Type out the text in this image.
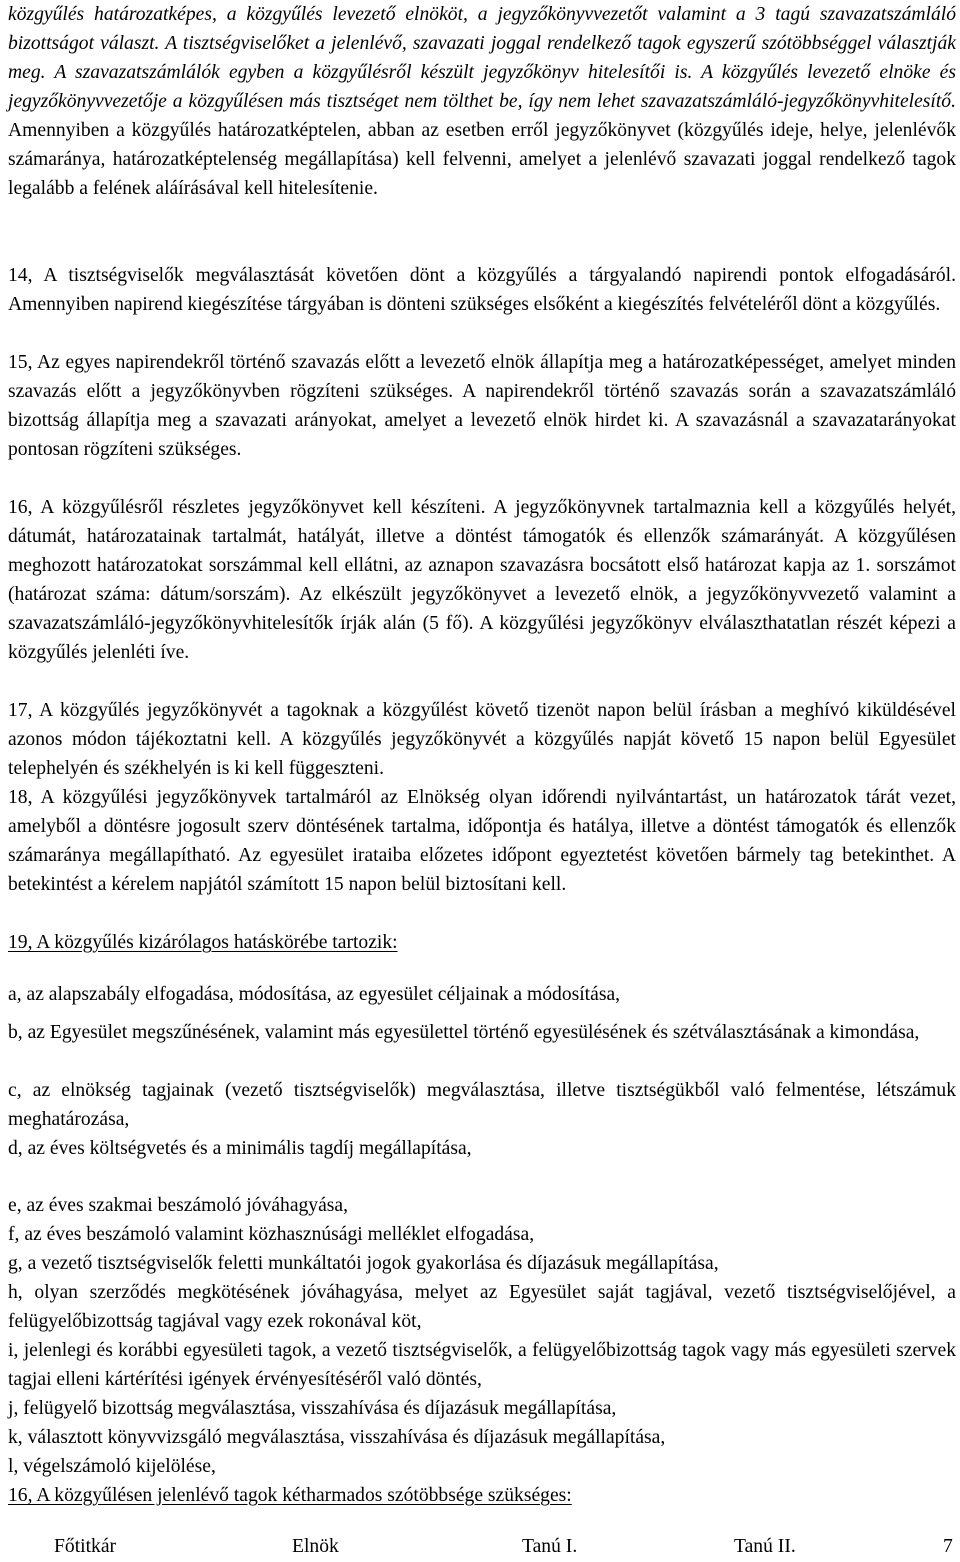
közgyűlés határozatképes, a közgyűlés levezető elnököt, a jegyzőkönyvvezetőt valamint a 3 tagú szavazatszámláló bizottságot választ. A tisztségviselőket a jelenlévő, szavazati joggal rendelkező tagok egyszerű szótöbbséggel választják meg. A szavazatszámlálók egyben a közgyűlésről készült jegyzőkönyv hitelesítői is. A közgyűlés levezető elnöke és jegyzőkönyvvezetője a közgyűlésen más tisztséget nem tölthet be, így nem lehet szavazatszámláló-jegyzőkönyvhitelesítő. Amennyiben a közgyűlés határozatképtelen, abban az esetben erről jegyzőkönyvet (közgyűlés ideje, helye, jelenlévők számaránya, határozatképtelenség megállapítása) kell felvenni, amelyet a jelenlévő szavazati joggal rendelkező tagok legalább a felének aláírásával kell hitelesítenie.

14, A tisztségviselők megválasztását követően dönt a közgyűlés a tárgyalandó napirendi pontok elfogadásáról. Amennyiben napirend kiegészítése tárgyában is dönteni szükséges elsőként a kiegészítés felvételéről dönt a közgyűlés.

15, Az egyes napirendekről történő szavazás előtt a levezető elnök állapítja meg a határozatképességet, amelyet minden szavazás előtt a jegyzőkönyvben rögzíteni szükséges. A napirendekről történő szavazás során a szavazatszámláló bizottság állapítja meg a szavazati arányokat, amelyet a levezető elnök hirdet ki. A szavazásnál a szavazatarányokat pontosan rögzíteni szükséges.

16, A közgyűlésről részletes jegyzőkönyvet kell készíteni. A jegyzőkönyvnek tartalmaznia kell a közgyűlés helyét, dátumát, határozatainak tartalmát, hatályát, illetve a döntést támogatók és ellenzők számarányát. A közgyűlésen meghozott határozatokat sorszámmal kell ellátni, az aznapon szavazásra bocsátott első határozat kapja az 1. sorszámot (határozat száma: dátum/sorszám). Az elkészült jegyzőkönyvet a levezető elnök, a jegyzőkönyvvezető valamint a szavazatszámláló-jegyzőkönyvhitelesítők írják alán (5 fő). A közgyűlési jegyzőkönyv elválaszthatatlan részét képezi a közgyűlés jelenléti íve.

17, A közgyűlés jegyzőkönyvét a tagoknak a közgyűlést követő tizenöt napon belül írásban a meghívó kiküldésével azonos módon tájékoztatni kell. A közgyűlés jegyzőkönyvét a közgyűlés napját követő 15 napon belül Egyesület telephelyén és székhelyén is ki kell függeszteni.

18, A közgyűlési jegyzőkönyvek tartalmáról az Elnökség olyan időrendi nyilvántartást, un határozatok tárát vezet, amelyből a döntésre jogosult szerv döntésének tartalma, időpontja és hatálya, illetve a döntést támogatók és ellenzők számaránya megállapítható. Az egyesület irataiba előzetes időpont egyeztetést követően bármely tag betekinthet. A betekintést a kérelem napjától számított 15 napon belül biztosítani kell.

19, A közgyűlés kizárólagos hatáskörébe tartozik:

a, az alapszabály elfogadása, módosítása, az egyesület céljainak a módosítása,

b, az Egyesület megszűnésének, valamint más egyesülettel történő egyesülésének és szétválasztásának a kimondása,

c, az elnökség tagjainak (vezető tisztségviselők) megválasztása, illetve tisztségükből való felmentése, létszámuk meghatározása,

d, az éves költségvetés és a minimális tagdíj megállapítása,

e, az éves szakmai beszámoló jóváhagyása,

f, az éves beszámoló valamint közhasznúsági melléklet elfogadása,

g, a vezető tisztségviselők feletti munkáltatói jogok gyakorlása és díjazásuk megállapítása,

h, olyan szerződés megkötésének jóváhagyása, melyet az Egyesület saját tagjával, vezető tisztségviselőjével, a felügyelőbizottság tagjával vagy ezek rokonával köt,

i, jelenlegi és korábbi egyesületi tagok, a vezető tisztségviselők, a felügyelőbizottság tagok vagy más egyesületi szervek tagjai elleni kártérítési igények érvényesítéséről való döntés,

j, felügyelő bizottság megválasztása, visszahívása és díjazásuk megállapítása,

k, választott könyvvizsgáló megválasztása, visszahívása és díjazásuk megállapítása,

l, végelszámoló kijelölése,

16, A közgyűlésen jelenlévő tagok kétharmados szótöbbsége szükséges:

Főtitkár	Elnök	Tanú I.	Tanú II.	7
